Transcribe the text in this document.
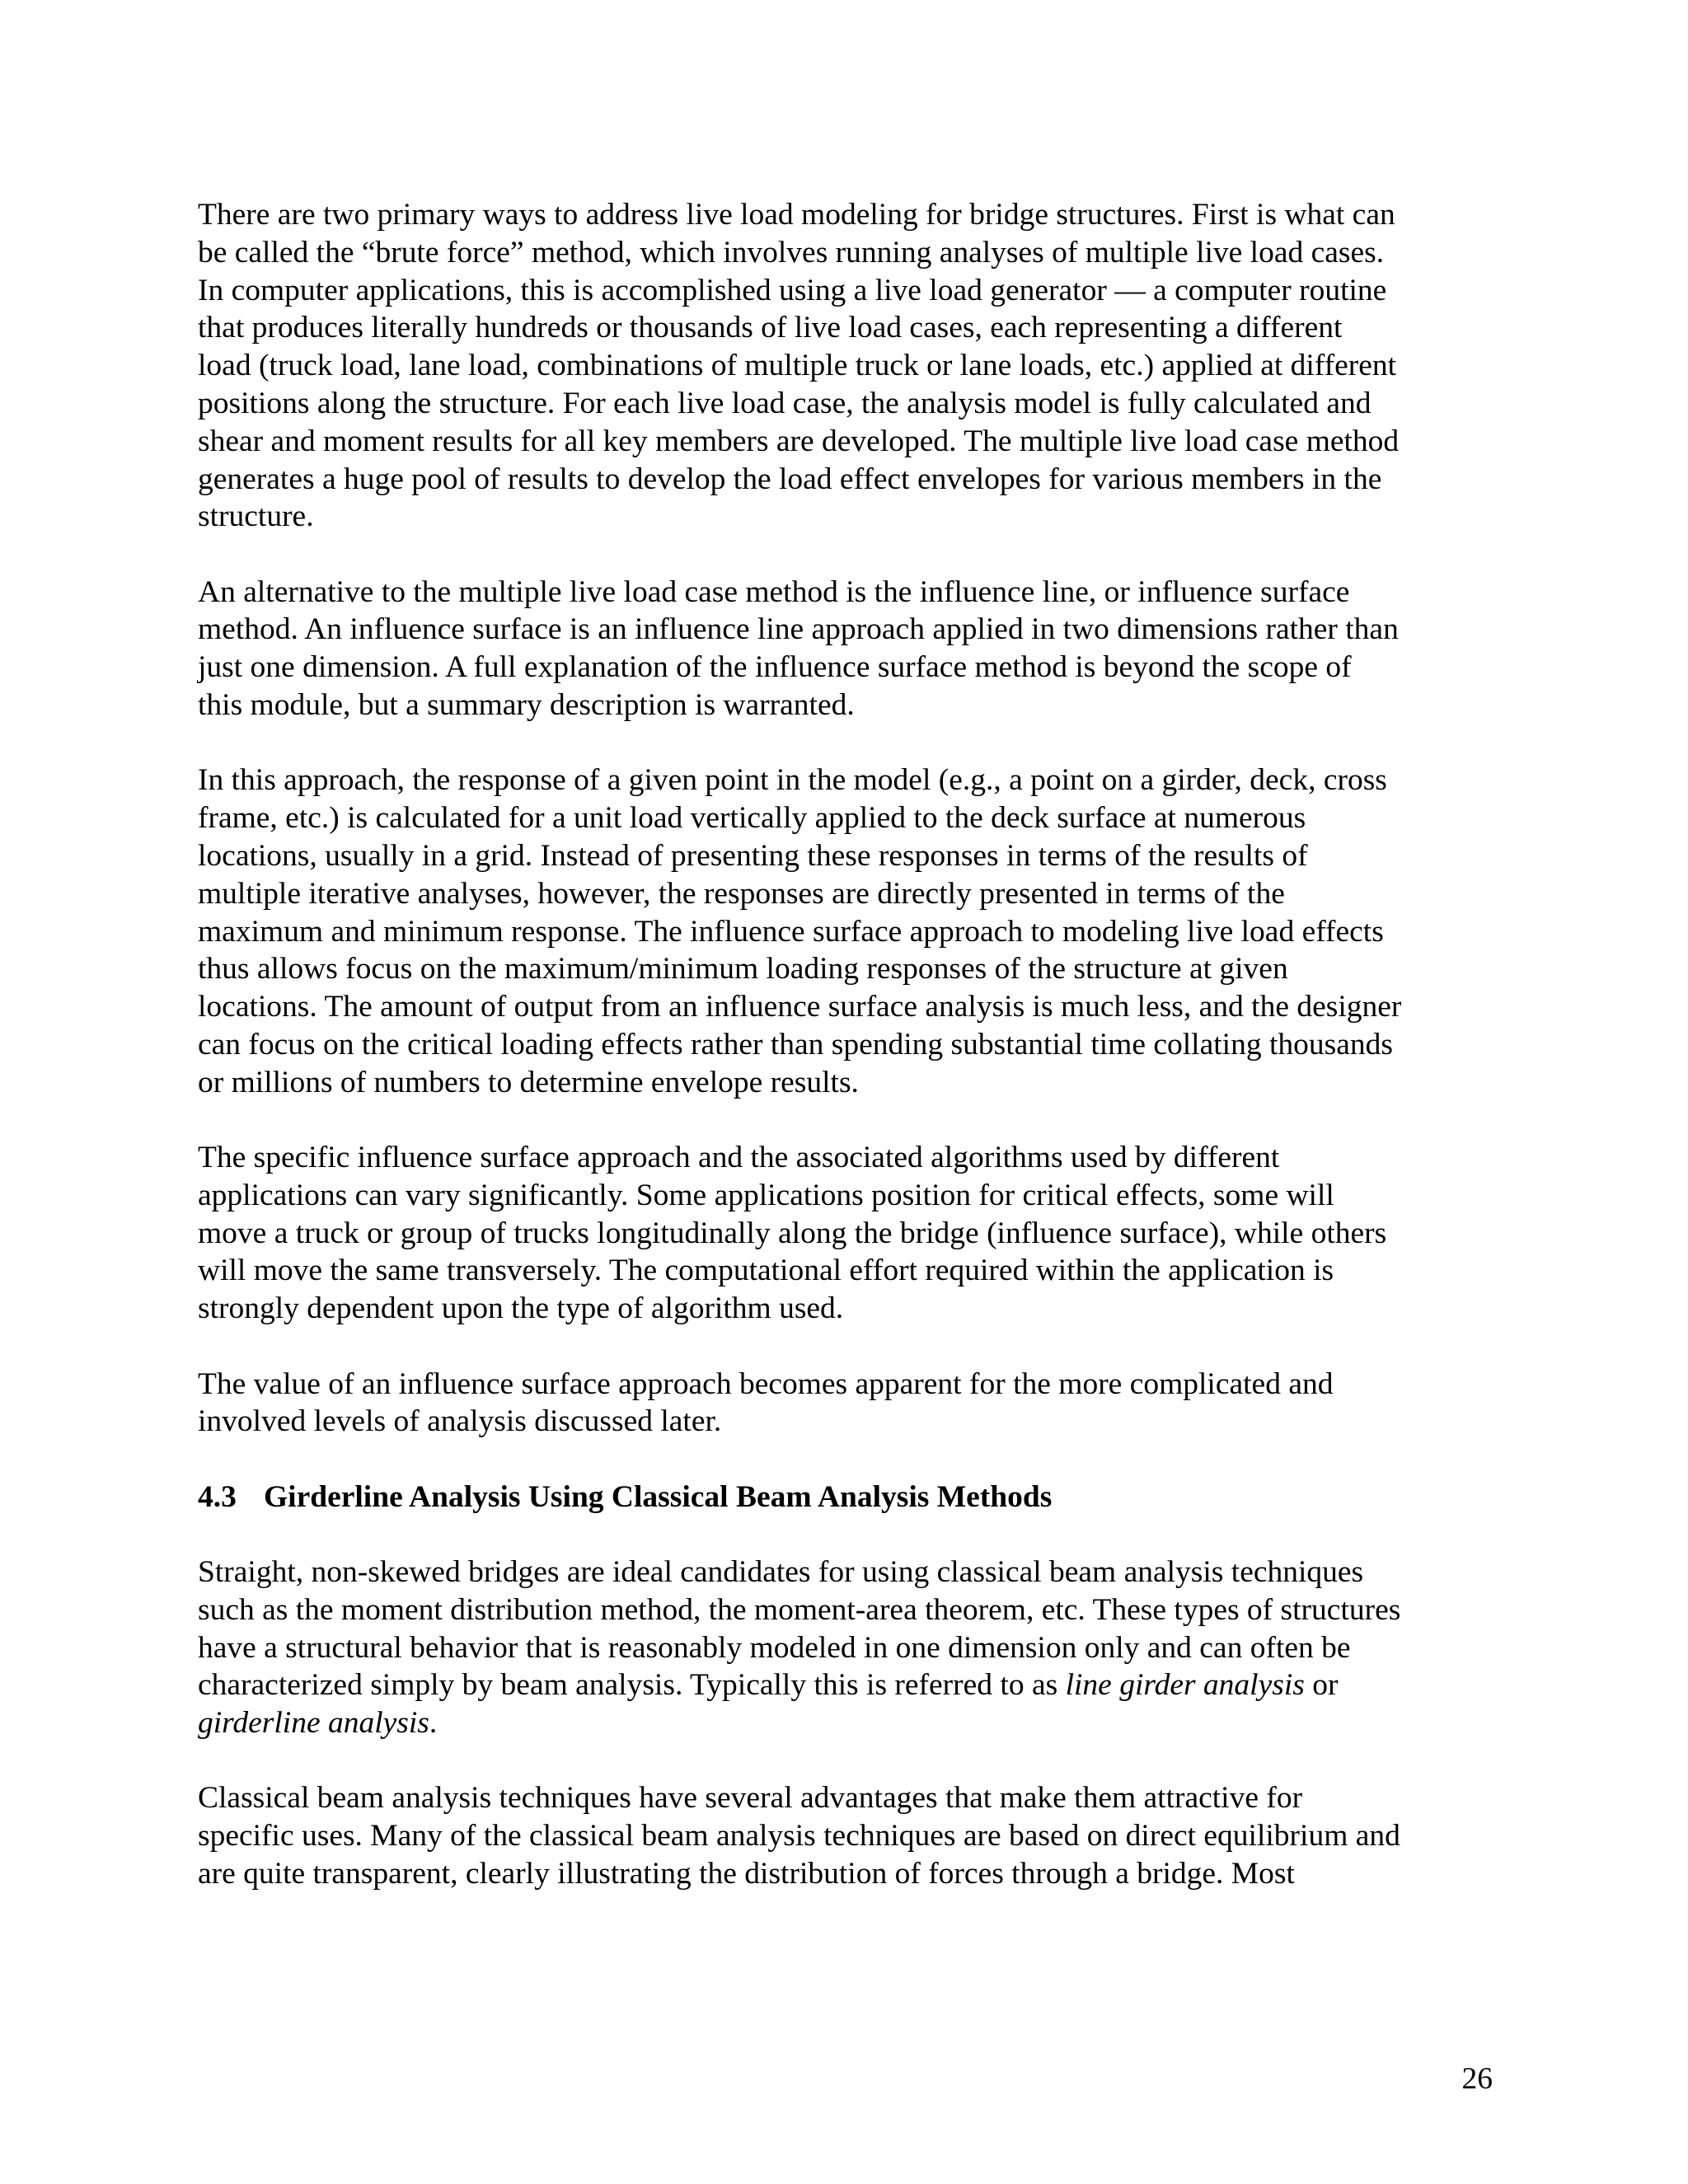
There are two primary ways to address live load modeling for bridge structures. First is what can
be called the “brute force” method, which involves running analyses of multiple live load cases.
In computer applications, this is accomplished using a live load generator — a computer routine
that produces literally hundreds or thousands of live load cases, each representing a different
load (truck load, lane load, combinations of multiple truck or lane loads, etc.) applied at different
positions along the structure. For each live load case, the analysis model is fully calculated and
shear and moment results for all key members are developed. The multiple live load case method
generates a huge pool of results to develop the load effect envelopes for various members in the
structure.

An alternative to the multiple live load case method is the influence line, or influence surface
method. An influence surface is an influence line approach applied in two dimensions rather than
just one dimension. A full explanation of the influence surface method is beyond the scope of
this module, but a summary description is warranted.

In this approach, the response of a given point in the model (e.g., a point on a girder, deck, cross
frame, etc.) is calculated for a unit load vertically applied to the deck surface at numerous
locations, usually in a grid. Instead of presenting these responses in terms of the results of
multiple iterative analyses, however, the responses are directly presented in terms of the
maximum and minimum response. The influence surface approach to modeling live load effects
thus allows focus on the maximum/minimum loading responses of the structure at given
locations. The amount of output from an influence surface analysis is much less, and the designer
can focus on the critical loading effects rather than spending substantial time collating thousands
or millions of numbers to determine envelope results.

The specific influence surface approach and the associated algorithms used by different
applications can vary significantly. Some applications position for critical effects, some will
move a truck or group of trucks longitudinally along the bridge (influence surface), while others
will move the same transversely. The computational effort required within the application is
strongly dependent upon the type of algorithm used.

The value of an influence surface approach becomes apparent for the more complicated and
involved levels of analysis discussed later.

4.3 Girderline Analysis Using Classical Beam Analysis Methods

Straight, non-skewed bridges are ideal candidates for using classical beam analysis techniques
such as the moment distribution method, the moment-area theorem, etc. These types of structures
have a structural behavior that is reasonably modeled in one dimension only and can often be
characterized simply by beam analysis. Typically this is referred to as line girder analysis or
girderline analysis.

Classical beam analysis techniques have several advantages that make them attractive for
specific uses. Many of the classical beam analysis techniques are based on direct equilibrium and
are quite transparent, clearly illustrating the distribution of forces through a bridge. Most

26
